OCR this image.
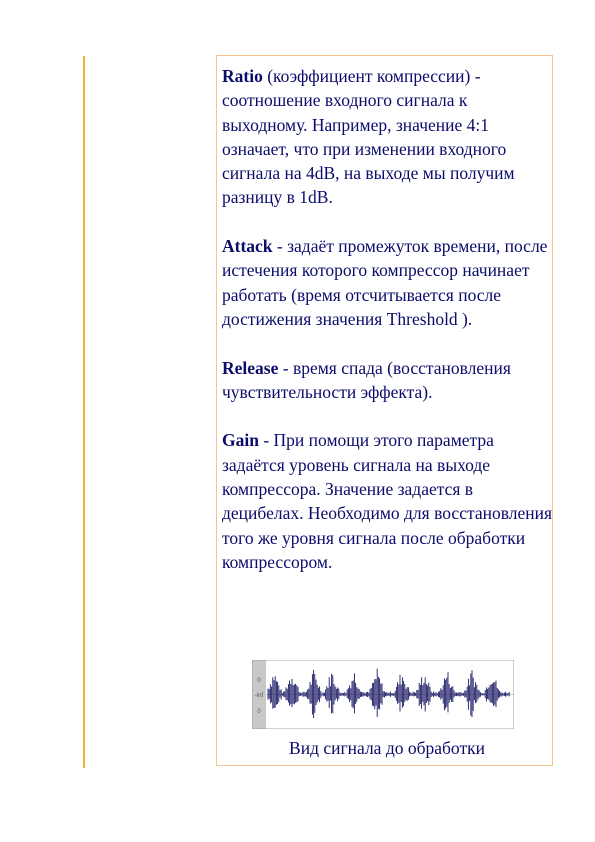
Ratio (коэффициент компрессии) - соотношение входного сигнала к выходному. Например, значение 4:1 означает, что при изменении входного сигнала на 4dB, на выходе мы получим разницу в 1dB.

Attack - задаёт промежуток времени, после истечения которого компрессор начинает работать (время отсчитывается после достижения значения Threshold ).

Release - время спада (восстановления чувствительности эффекта).

Gain - При помощи этого параметра задаётся уровень сигнала на выходе компрессора. Значение задается в децибелах. Необходимо для восстановления того же уровня сигнала после обработки компрессором.

0
-inf
0
Вид сигнала до обработки
